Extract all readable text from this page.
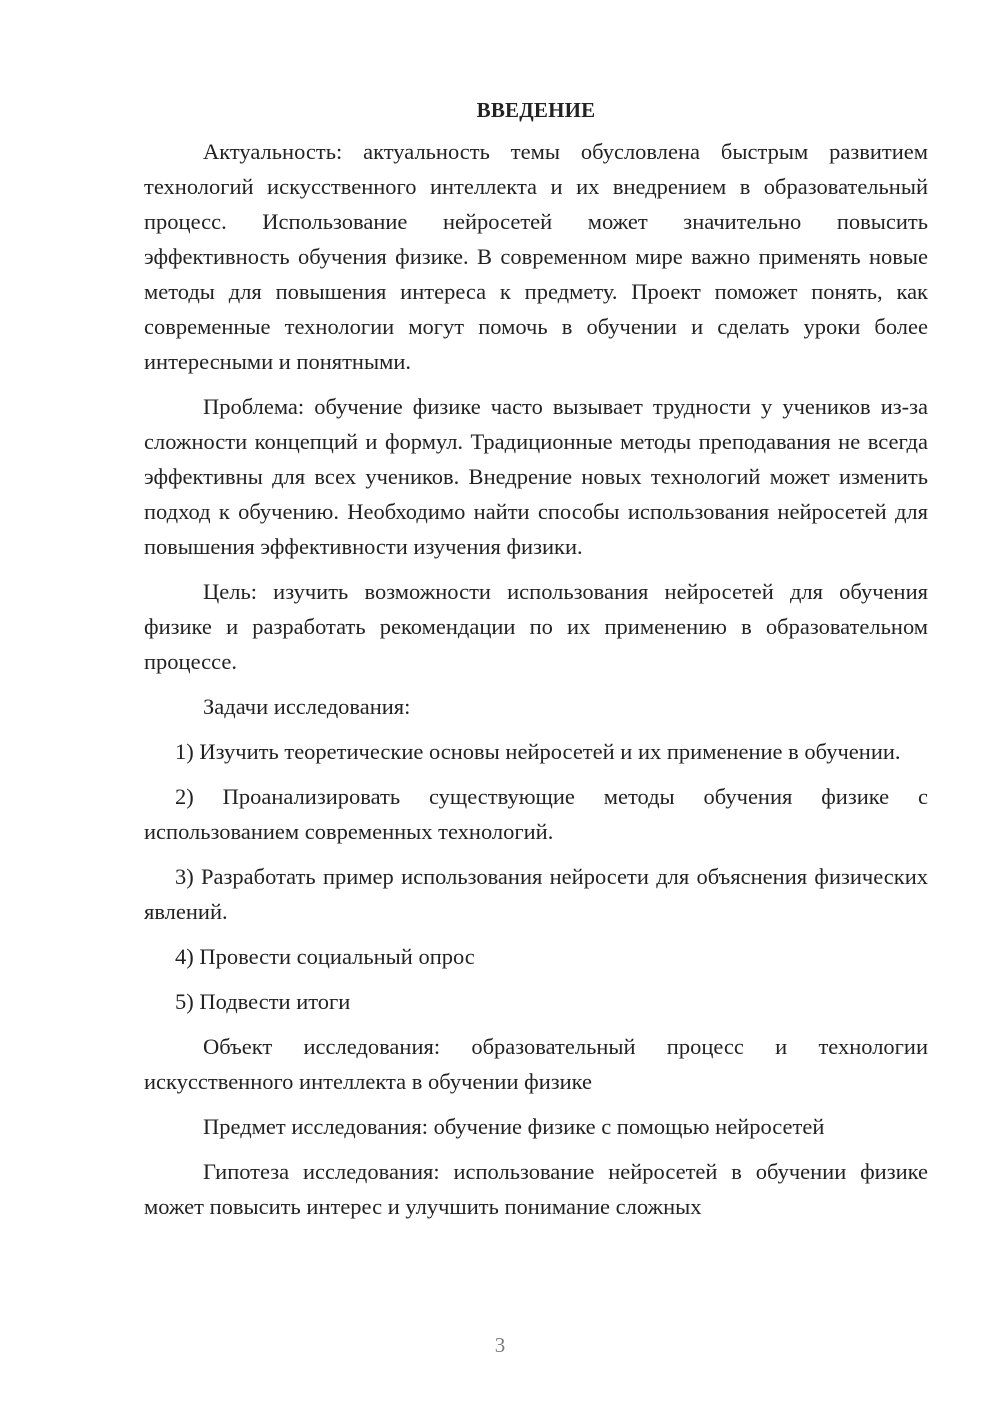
ВВЕДЕНИЕ

Актуальность: актуальность темы обусловлена быстрым развитием технологий искусственного интеллекта и их внедрением в образовательный процесс. Использование нейросетей может значительно повысить эффективность обучения физике. В современном мире важно применять новые методы для повышения интереса к предмету. Проект поможет понять, как современные технологии могут помочь в обучении и сделать уроки более интересными и понятными.

Проблема: обучение физике часто вызывает трудности у учеников из-за сложности концепций и формул. Традиционные методы преподавания не всегда эффективны для всех учеников. Внедрение новых технологий может изменить подход к обучению. Необходимо найти способы использования нейросетей для повышения эффективности изучения физики.

Цель: изучить возможности использования нейросетей для обучения физике и разработать рекомендации по их применению в образовательном процессе.

Задачи исследования:

1) Изучить теоретические основы нейросетей и их применение в обучении.

2) Проанализировать существующие методы обучения физике с использованием современных технологий.

3) Разработать пример использования нейросети для объяснения физических явлений.

4) Провести социальный опрос

5) Подвести итоги

Объект исследования: образовательный процесс и технологии искусственного интеллекта в обучении физике

Предмет исследования: обучение физике с помощью нейросетей

Гипотеза исследования: использование нейросетей в обучении физике может повысить интерес и улучшить понимание сложных

3
